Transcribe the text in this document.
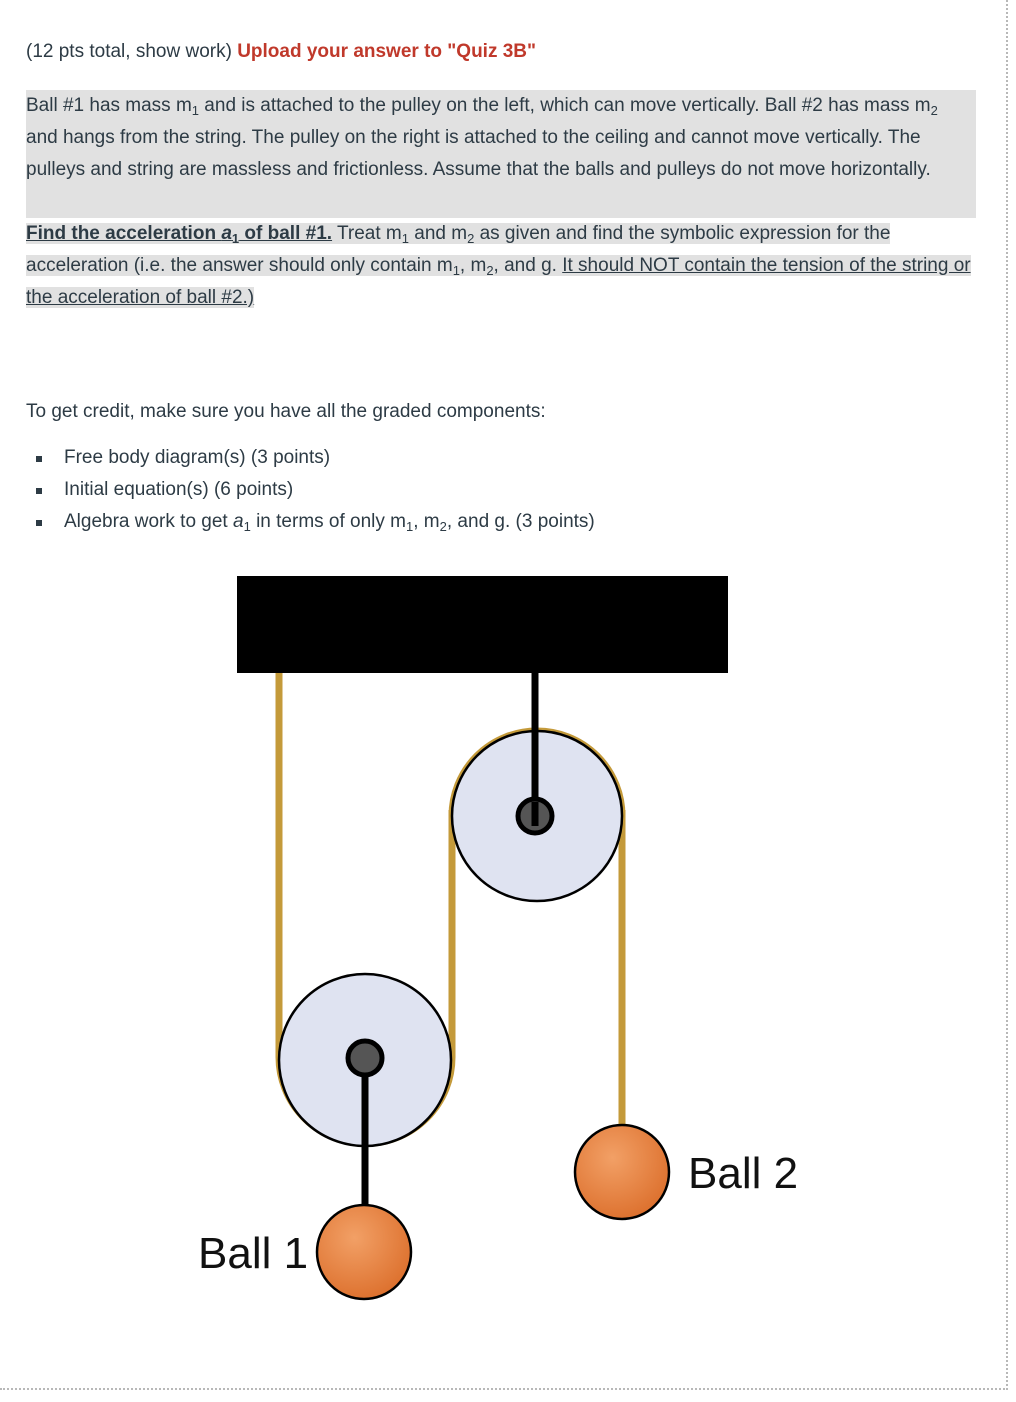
(12 pts total, show work) Upload your answer to "Quiz 3B"

Ball #1 has mass $m_1$ and is attached to the pulley on the left, which can move vertically. Ball #2 has mass $m_2$ and hangs from the string. The pulley on the right is attached to the ceiling and cannot move vertically. The pulleys and string are massless and frictionless. Assume that the balls and pulleys do not move horizontally.

Find the acceleration $a_1$ of ball #1. Treat $m_1$ and $m_2$ as given and find the symbolic expression for the acceleration (i.e. the answer should only contain $m_1$, $m_2$, and g. It should NOT contain the tension of the string or the acceleration of ball #2.)

To get credit, make sure you have all the graded components:

Free body diagram(s) (3 points)
Initial equation(s) (6 points)
Algebra work to get $a_1$ in terms of only $m_1$, $m_2$, and g. (3 points)
Ball 1
Ball 2
